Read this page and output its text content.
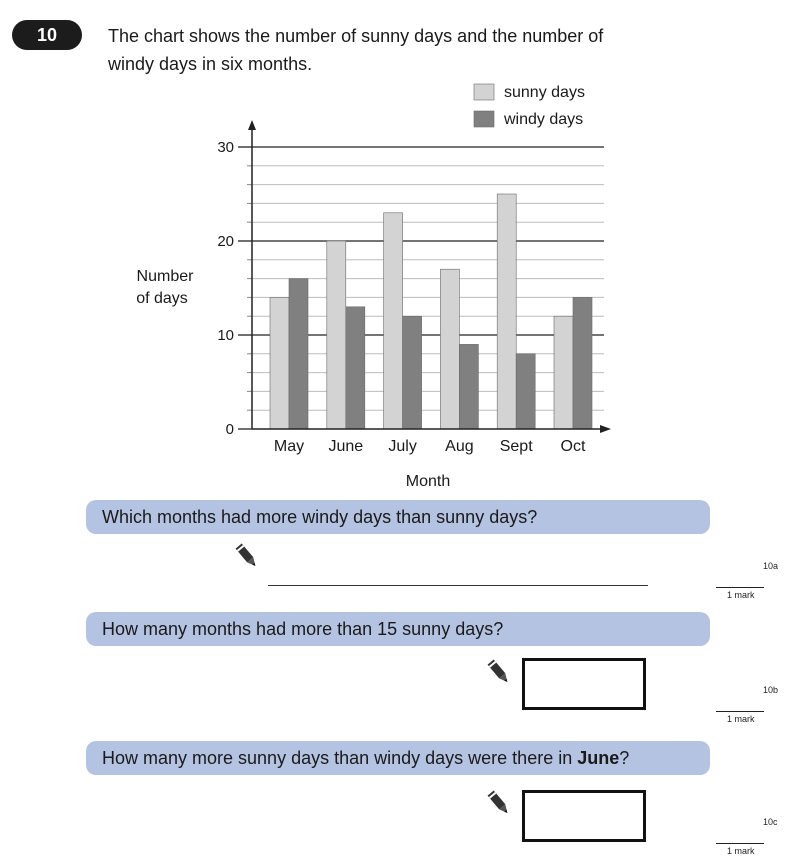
10	The chart shows the number of sunny days and the number of
windy days in six months.
0
10
20
30
May June July Aug Sept Oct
Number
of days
Month
sunny days
windy days
Which months had more windy days than sunny days?
10a
1 mark
How many months had more than 15 sunny days?
10b
1 mark
How many more sunny days than windy days were there in June?
10c
1 mark
